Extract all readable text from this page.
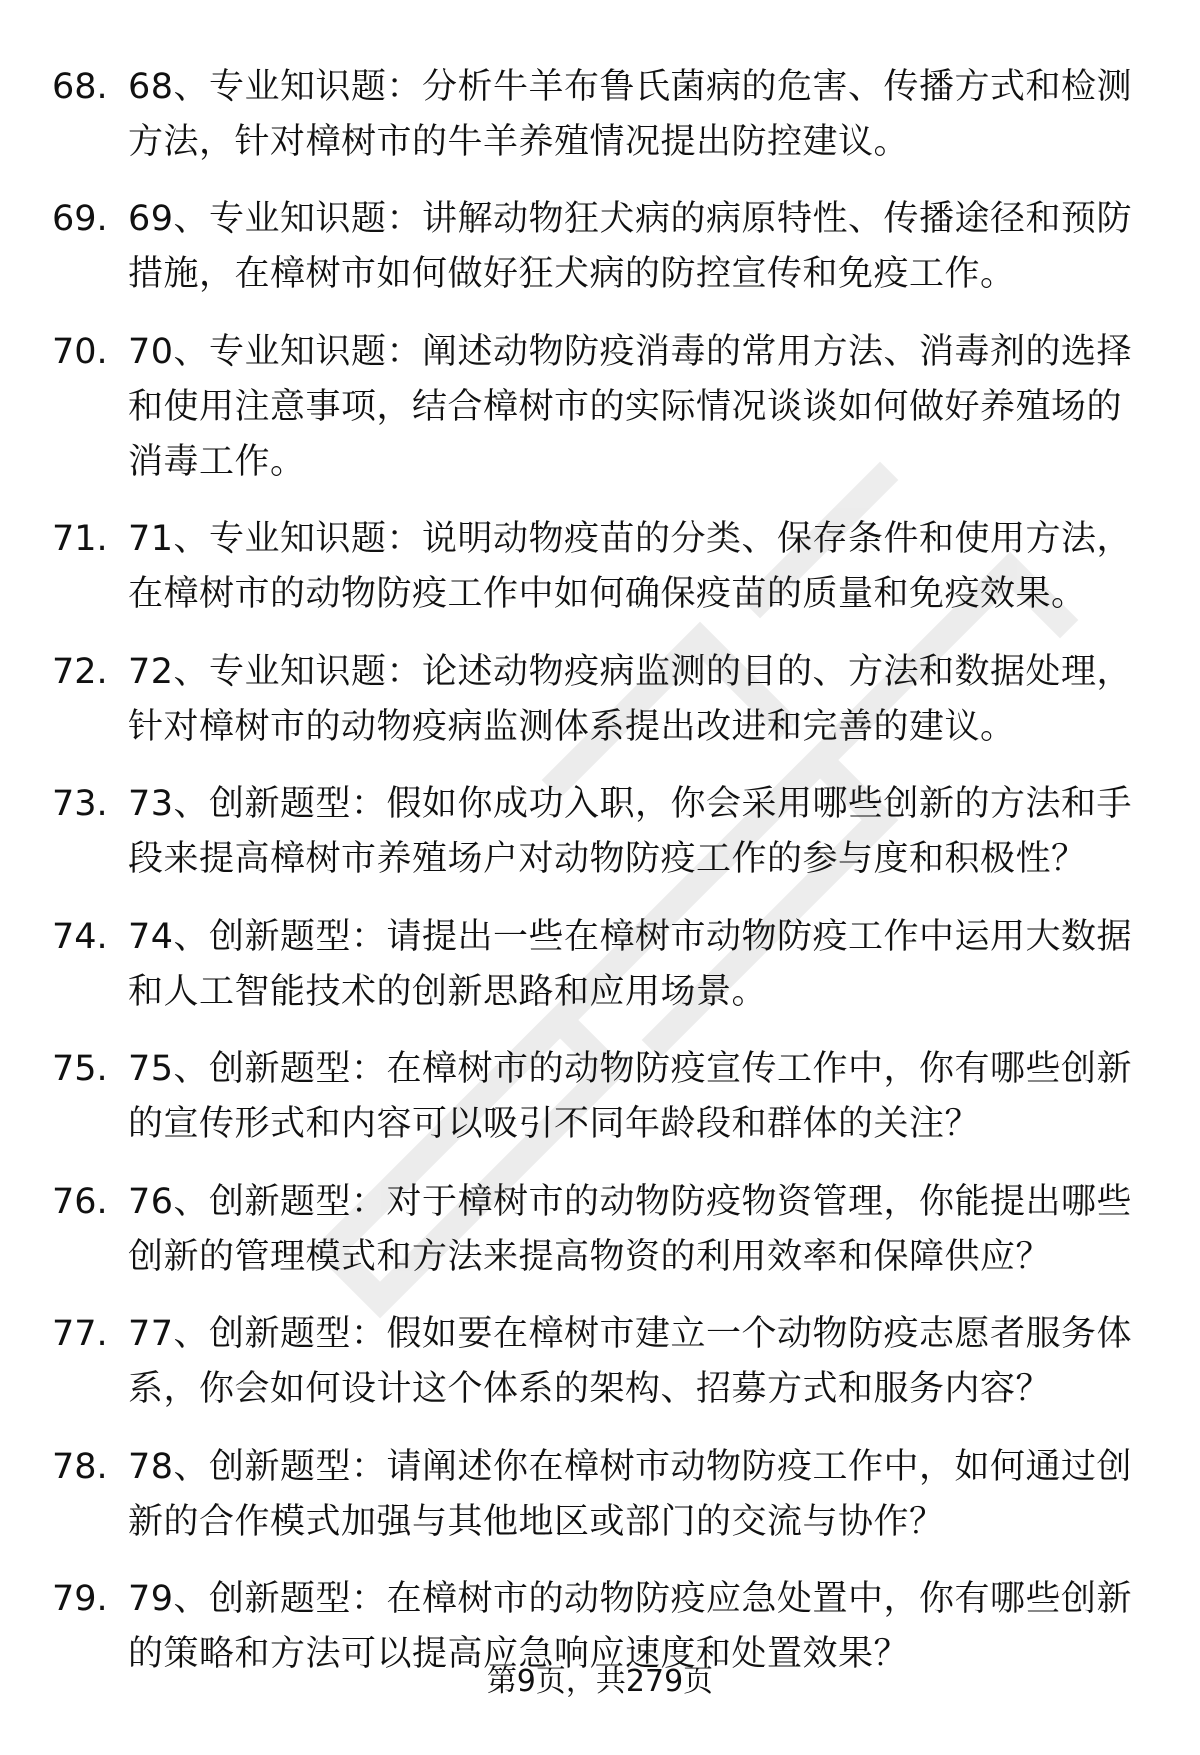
68. 68、专业知识题：分析牛羊布鲁氏菌病的危害、传播方式和检测方法，针对樟树市的牛羊养殖情况提出防控建议。
69. 69、专业知识题：讲解动物狂犬病的病原特性、传播途径和预防措施，在樟树市如何做好狂犬病的防控宣传和免疫工作。
70. 70、专业知识题：阐述动物防疫消毒的常用方法、消毒剂的选择和使用注意事项，结合樟树市的实际情况谈谈如何做好养殖场的消毒工作。
71. 71、专业知识题：说明动物疫苗的分类、保存条件和使用方法，在樟树市的动物防疫工作中如何确保疫苗的质量和免疫效果。
72. 72、专业知识题：论述动物疫病监测的目的、方法和数据处理，针对樟树市的动物疫病监测体系提出改进和完善的建议。
73. 73、创新题型：假如你成功入职，你会采用哪些创新的方法和手段来提高樟树市养殖场户对动物防疫工作的参与度和积极性？
74. 74、创新题型：请提出一些在樟树市动物防疫工作中运用大数据和人工智能技术的创新思路和应用场景。
75. 75、创新题型：在樟树市的动物防疫宣传工作中，你有哪些创新的宣传形式和内容可以吸引不同年龄段和群体的关注？
76. 76、创新题型：对于樟树市的动物防疫物资管理，你能提出哪些创新的管理模式和方法来提高物资的利用效率和保障供应？
77. 77、创新题型：假如要在樟树市建立一个动物防疫志愿者服务体系，你会如何设计这个体系的架构、招募方式和服务内容？
78. 78、创新题型：请阐述你在樟树市动物防疫工作中，如何通过创新的合作模式加强与其他地区或部门的交流与协作？
79. 79、创新题型：在樟树市的动物防疫应急处置中，你有哪些创新的策略和方法可以提高应急响应速度和处置效果？
第9页，共279页
